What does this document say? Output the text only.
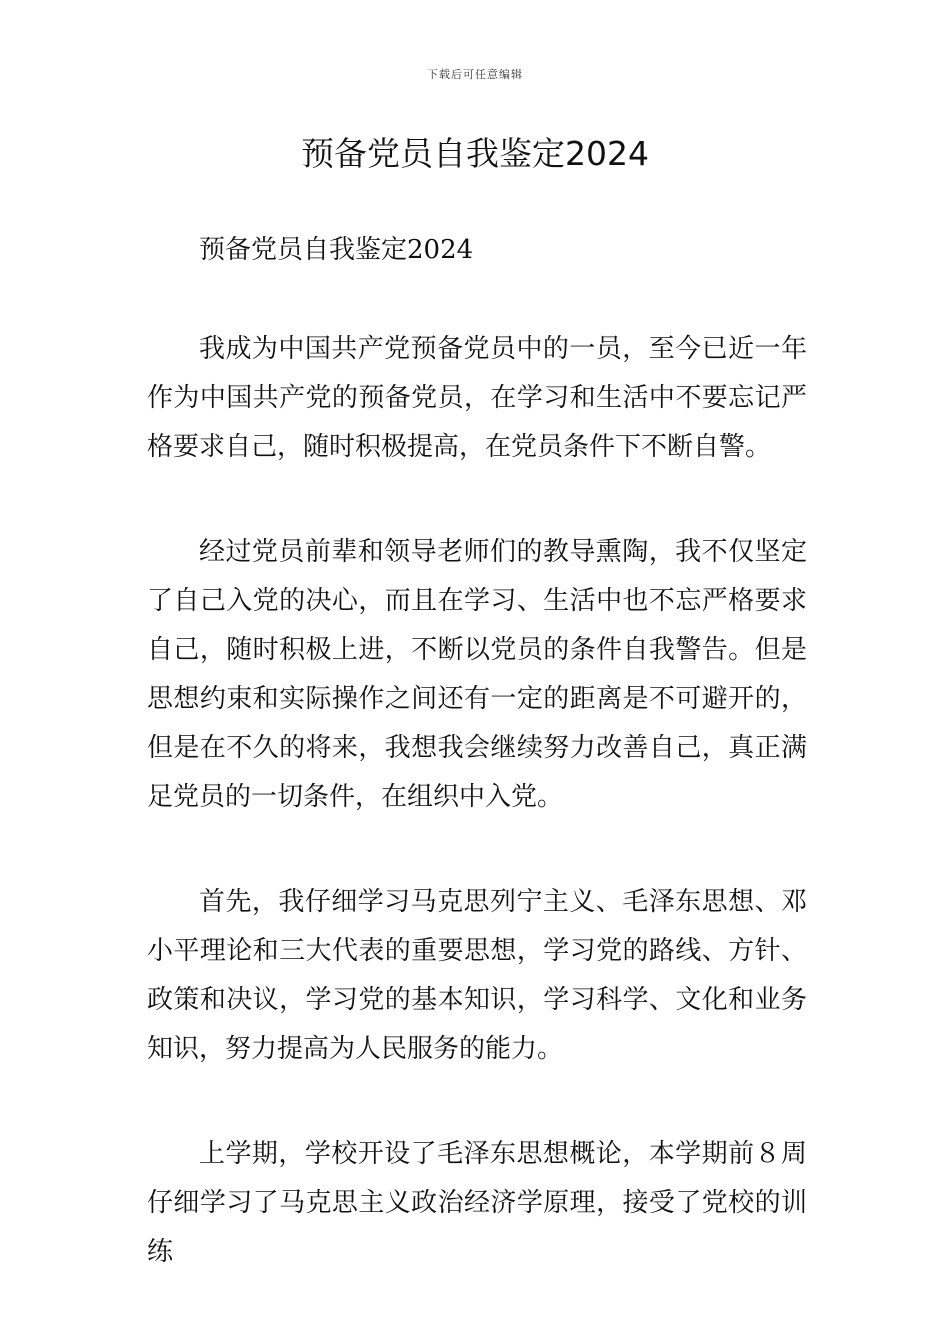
下载后可任意编辑
预备党员自我鉴定2024

预备党员自我鉴定2024

我成为中国共产党预备党员中的一员，至今已近一年作为中国共产党的预备党员，在学习和生活中不要忘记严格要求自己，随时积极提高，在党员条件下不断自警。

经过党员前辈和领导老师们的教导熏陶，我不仅坚定了自己入党的决心，而且在学习、生活中也不忘严格要求自己，随时积极上进，不断以党员的条件自我警告。但是思想约束和实际操作之间还有一定的距离是不可避开的，但是在不久的将来，我想我会继续努力改善自己，真正满足党员的一切条件，在组织中入党。

首先，我仔细学习马克思列宁主义、毛泽东思想、邓小平理论和三大代表的重要思想，学习党的路线、方针、政策和决议，学习党的基本知识，学习科学、文化和业务知识，努力提高为人民服务的能力。

上学期，学校开设了毛泽东思想概论，本学期前８周仔细学习了马克思主义政治经济学原理，接受了党校的训练
